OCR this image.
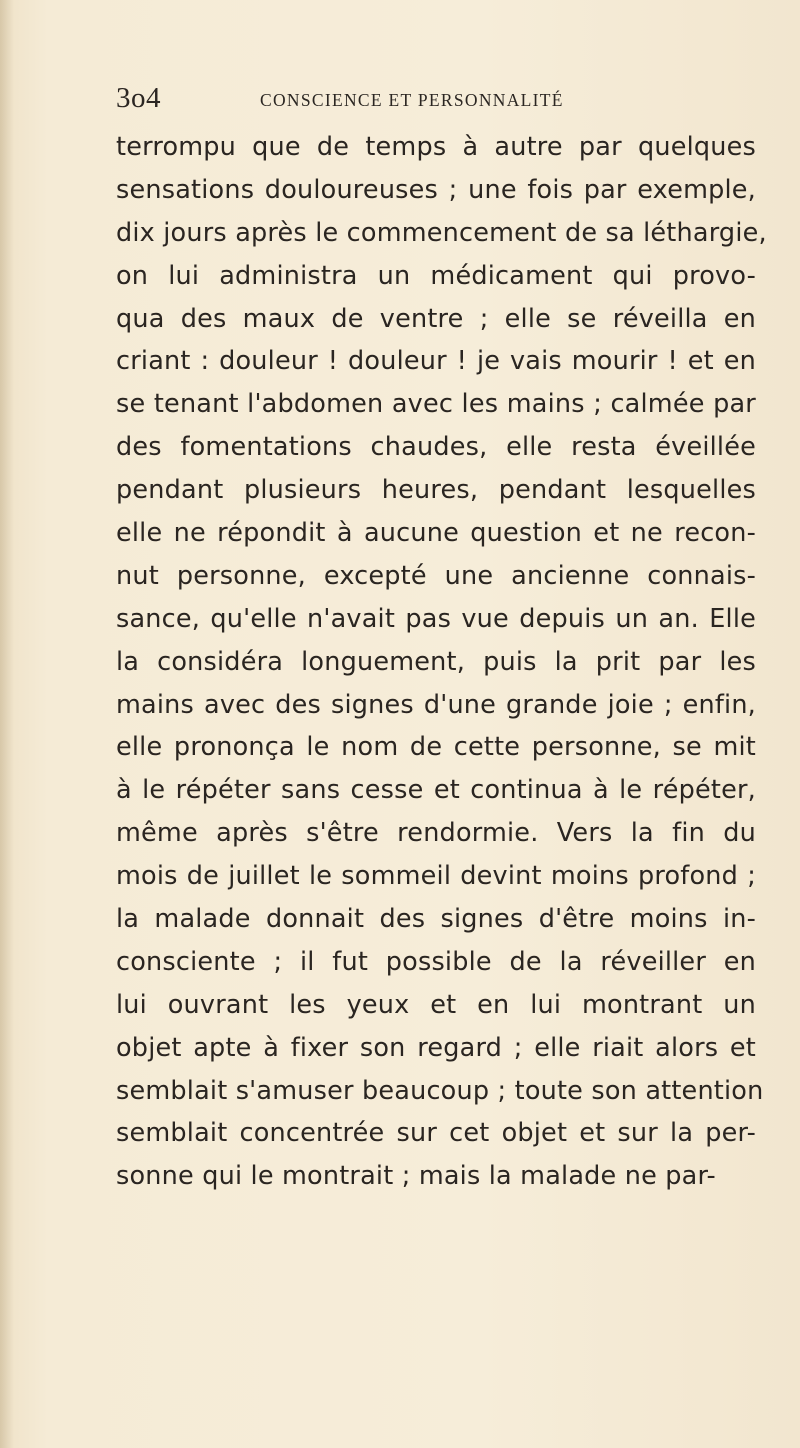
3o4	CONSCIENCE ET PERSONNALITÉ
terrompu que de temps à autre par quelques
sensations douloureuses ; une fois par exemple,
dix jours après le commencement de sa léthargie,
on lui administra un médicament qui provo-
qua des maux de ventre ; elle se réveilla en
criant : douleur ! douleur ! je vais mourir ! et en
se tenant l'abdomen avec les mains ; calmée par
des fomentations chaudes, elle resta éveillée
pendant plusieurs heures, pendant lesquelles
elle ne répondit à aucune question et ne recon-
nut personne, excepté une ancienne connais-
sance, qu'elle n'avait pas vue depuis un an. Elle
la considéra longuement, puis la prit par les
mains avec des signes d'une grande joie ; enfin,
elle prononça le nom de cette personne, se mit
à le répéter sans cesse et continua à le répéter,
même après s'être rendormie. Vers la fin du
mois de juillet le sommeil devint moins profond ;
la malade donnait des signes d'être moins in-
consciente ; il fut possible de la réveiller en
lui ouvrant les yeux et en lui montrant un
objet apte à fixer son regard ; elle riait alors et
semblait s'amuser beaucoup ; toute son attention
semblait concentrée sur cet objet et sur la per-
sonne qui le montrait ; mais la malade ne par-
